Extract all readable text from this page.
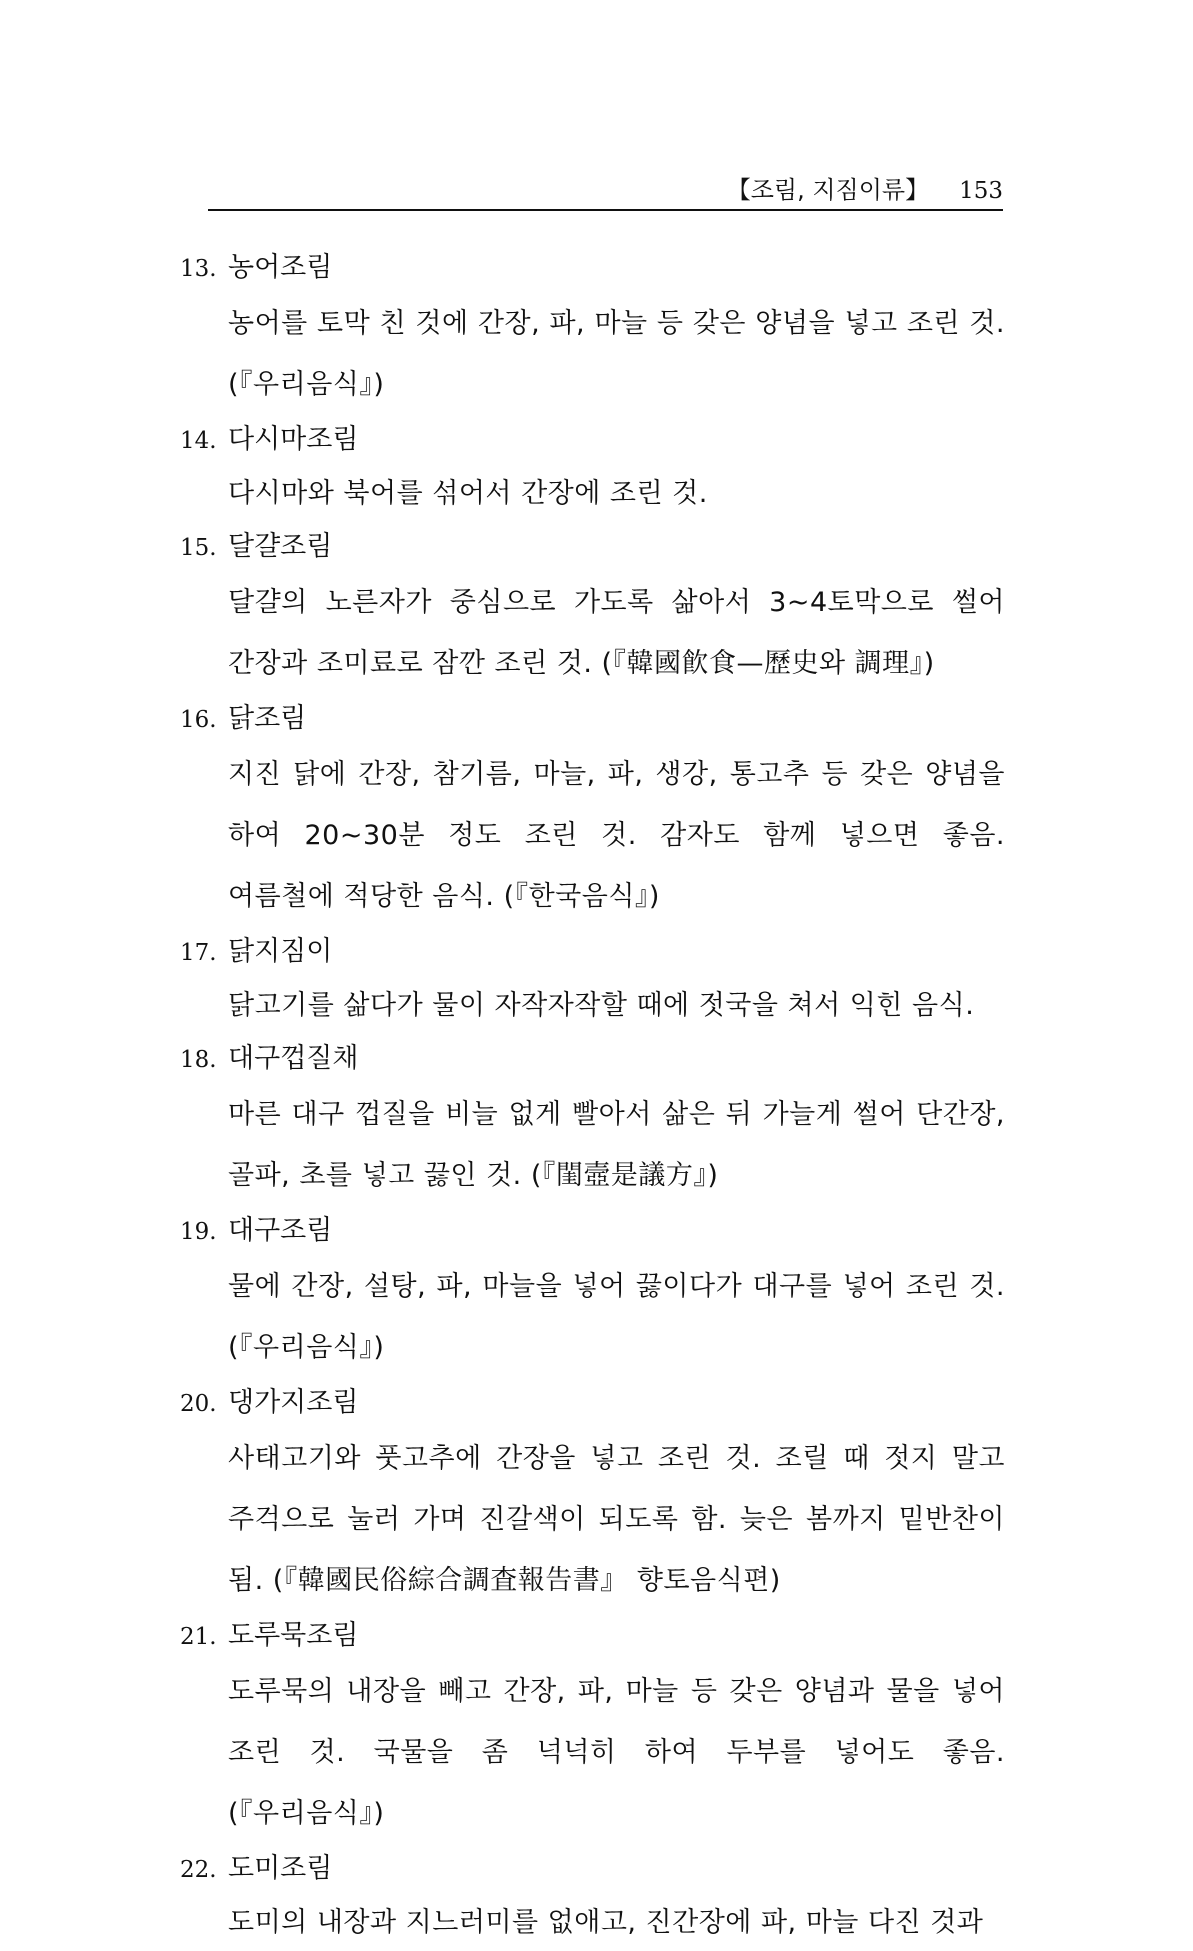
【조림, 지짐이류】 153
13. 농어조림
농어를 토막 친 것에 간장, 파, 마늘 등 갖은 양념을 넣고 조린 것. (『우리음식』)
14. 다시마조림
다시마와 북어를 섞어서 간장에 조린 것.
15. 달걀조림
달걀의 노른자가 중심으로 가도록 삶아서 3~4토막으로 썰어 간장과 조미료로 잠깐 조린 것. (『韓國飮食—歷史와 調理』)
16. 닭조림
지진 닭에 간장, 참기름, 마늘, 파, 생강, 통고추 등 갖은 양념을 하여 20~30분 정도 조린 것. 감자도 함께 넣으면 좋음. 여름철에 적당한 음식. (『한국음식』)
17. 닭지짐이
닭고기를 삶다가 물이 자작자작할 때에 젓국을 쳐서 익힌 음식.
18. 대구껍질채
마른 대구 껍질을 비늘 없게 빨아서 삶은 뒤 가늘게 썰어 단간장, 골파, 초를 넣고 끓인 것. (『閨壼是議方』)
19. 대구조림
물에 간장, 설탕, 파, 마늘을 넣어 끓이다가 대구를 넣어 조린 것. (『우리음식』)
20. 댕가지조림
사태고기와 풋고추에 간장을 넣고 조린 것. 조릴 때 젓지 말고 주걱으로 눌러 가며 진갈색이 되도록 함. 늦은 봄까지 밑반찬이 됨. (『韓國民俗綜合調査報告書』 향토음식편)
21. 도루묵조림
도루묵의 내장을 빼고 간장, 파, 마늘 등 갖은 양념과 물을 넣어 조린 것. 국물을 좀 넉넉히 하여 두부를 넣어도 좋음. (『우리음식』)
22. 도미조림
도미의 내장과 지느러미를 없애고, 진간장에 파, 마늘 다진 것과
